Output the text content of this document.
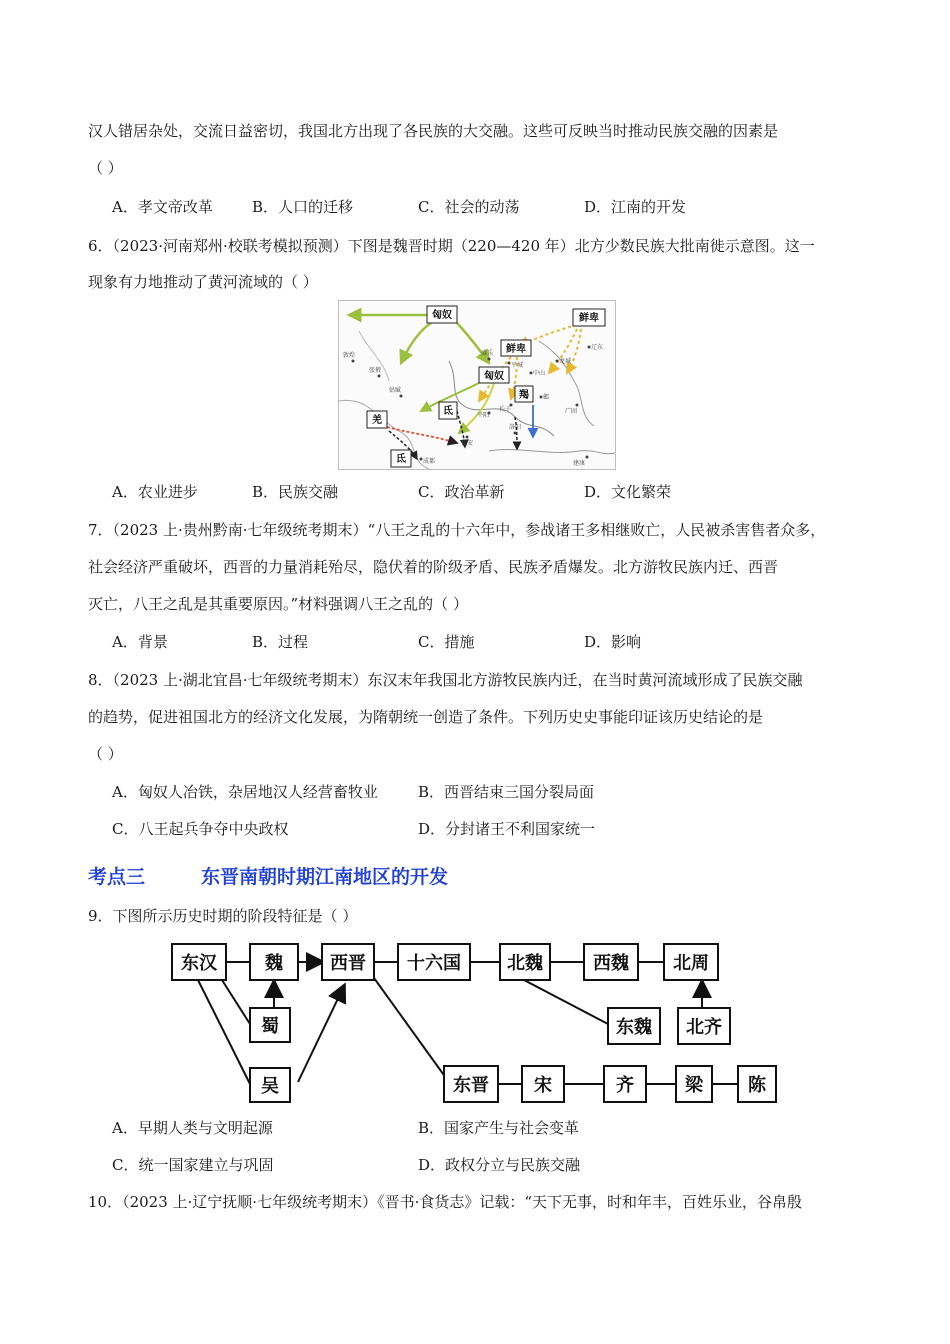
汉人错居杂处，交流日益密切，我国北方出现了各民族的大交融。这些可反映当时推动民族交融的因素是
（ ）
A．孝文帝改革	B．人口的迁移	C．社会的动荡	D．江南的开发
6．（2023·河南郑州·校联考模拟预测）下图是魏晋时期（220—420 年）北方少数民族大批南徙示意图。这一
现象有力地推动了黄河流域的（ ）
匈奴	鲜卑
鲜卑
匈奴
羯
羌
氐
氐
敦煌
张掖
姑臧
盛乐
平城
中山
龙城
辽东
长子
平阳
邺
广固
长安
洛阳
成都	建康
A．农业进步	B．民族交融	C．政治革新	D．文化繁荣
7．（2023 上·贵州黔南·七年级统考期末）“八王之乱的十六年中，参战诸王多相继败亡，人民被杀害售者众多，
社会经济严重破坏，西晋的力量消耗殆尽，隐伏着的阶级矛盾、民族矛盾爆发。北方游牧民族内迁、西晋
灭亡，八王之乱是其重要原因。”材料强调八王之乱的（ ）
A．背景	B．过程	C．措施	D．影响
8．（2023 上·湖北宜昌·七年级统考期末）东汉末年我国北方游牧民族内迁，在当时黄河流域形成了民族交融
的趋势，促进祖国北方的经济文化发展，为隋朝统一创造了条件。下列历史史事能印证该历史结论的是
（ ）
A．匈奴人冶铁，杂居地汉人经营畜牧业	B．西晋结束三国分裂局面
C．八王起兵争夺中央政权	D．分封诸王不利国家统一
考点三	东晋南朝时期江南地区的开发
9．下图所示历史时期的阶段特征是（ ）
东汉	魏	西晋 十六国	北魏	西魏 北周
蜀
吴
东魏 北齐
东晋	宋	齐	梁	陈
A．早期人类与文明起源	B．国家产生与社会变革
C．统一国家建立与巩固	D．政权分立与民族交融
10．（2023 上·辽宁抚顺·七年级统考期末）《晋书·食货志》记载：“天下无事，时和年丰，百姓乐业，谷帛殷
